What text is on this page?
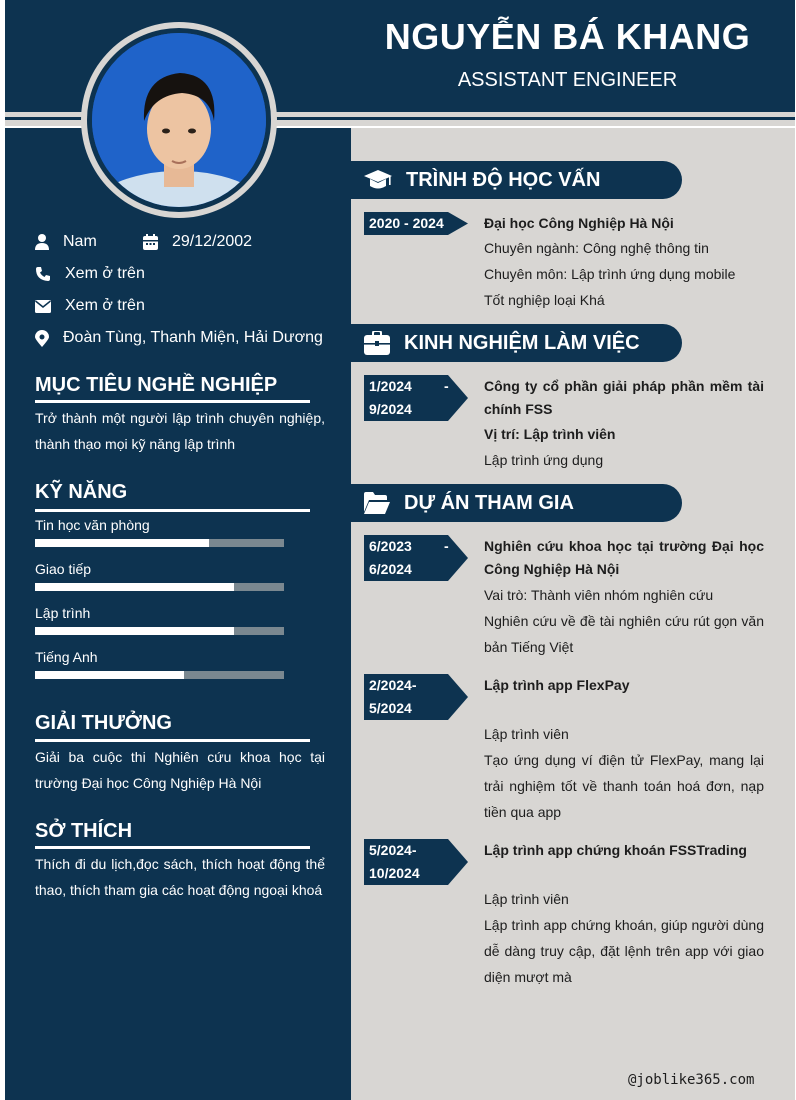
NGUYỄN BÁ KHANG
ASSISTANT ENGINEER
Nam	29/12/2002
Xem ở trên
Xem ở trên
Đoàn Tùng, Thanh Miện, Hải Dương
MỤC TIÊU NGHỀ NGHIỆP
Trở thành một người lập trình chuyên nghiệp, thành thạo mọi kỹ năng lập trình
KỸ NĂNG
Tin học văn phòng
Giao tiếp
Lập trình
Tiếng Anh
GIẢI THƯỞNG
Giải ba cuộc thi Nghiên cứu khoa học tại trường Đại học Công Nghiệp Hà Nội
SỞ THÍCH
Thích đi du lịch,đọc sách, thích hoạt động thể thao, thích tham gia các hoạt động ngoại khoá
TRÌNH ĐỘ HỌC VẤN
2020 - 2024	Đại học Công Nghiệp Hà Nội
Chuyên ngành: Công nghệ thông tin
Chuyên môn: Lập trình ứng dụng mobile
Tốt nghiệp loại Khá
KINH NGHIỆM LÀM VIỆC
1/2024 -
9/2024
Công ty cổ phần giải pháp phần mềm tài chính FSS
Vị trí: Lập trình viên
Lập trình ứng dụng
DỰ ÁN THAM GIA
6/2023 -
6/2024
Nghiên cứu khoa học tại trường Đại học Công Nghiệp Hà Nội
Vai trò: Thành viên nhóm nghiên cứu
Nghiên cứu về đề tài nghiên cứu rút gọn văn bản Tiếng Việt
2/2024-
5/2024
Lập trình app FlexPay
Lập trình viên
Tạo ứng dụng ví điện tử FlexPay, mang lại trải nghiệm tốt về thanh toán hoá đơn, nạp tiền qua app
5/2024-
10/2024
Lập trình app chứng khoán FSSTrading
Lập trình viên
Lập trình app chứng khoán, giúp người dùng dễ dàng truy cập, đặt lệnh trên app với giao diện mượt mà
@joblike365.com
